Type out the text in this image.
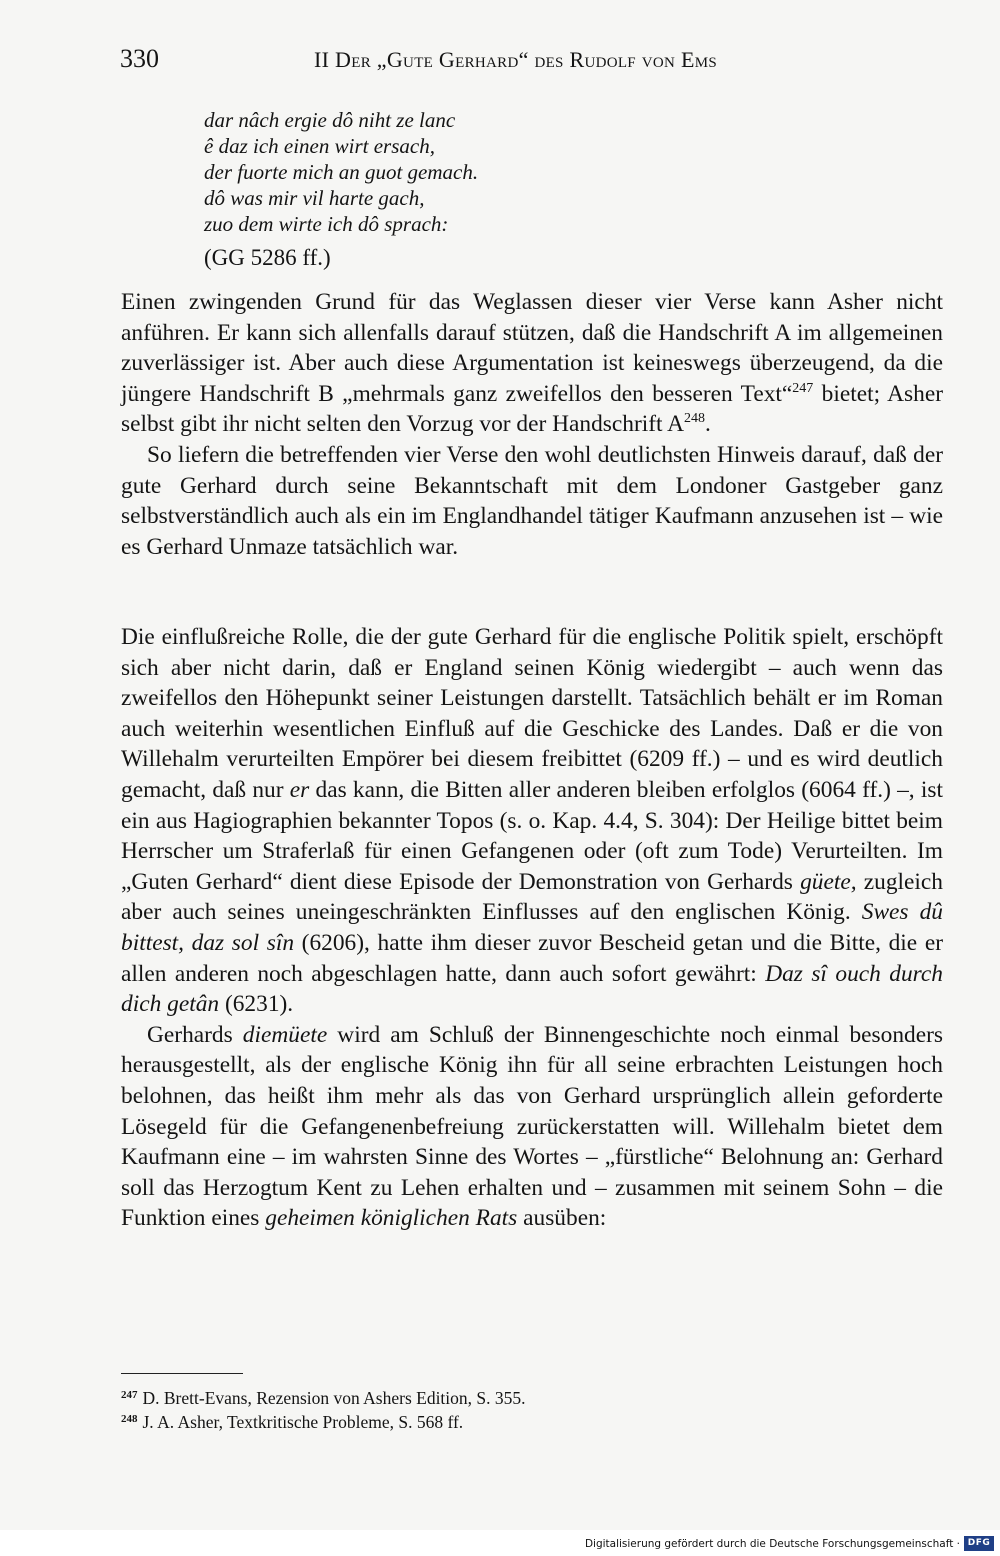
330	II Der „Gute Gerhard“ des Rudolf von Ems
dar nâch ergie dô niht ze lanc
ê daz ich einen wirt ersach,
der fuorte mich an guot gemach.
dô was mir vil harte gach,
zuo dem wirte ich dô sprach:
(GG 5286 ff.)

Einen zwingenden Grund für das Weglassen dieser vier Verse kann Asher nicht anführen. Er kann sich allenfalls darauf stützen, daß die Handschrift A im allgemeinen zuverlässiger ist. Aber auch diese Argumentation ist keineswegs überzeugend, da die jüngere Handschrift B „mehrmals ganz zweifellos den besseren Text“$^{247}$ bietet; Asher selbst gibt ihr nicht selten den Vorzug vor der Handschrift $A^{248}$.

So liefern die betreffenden vier Verse den wohl deutlichsten Hinweis darauf, daß der gute Gerhard durch seine Bekanntschaft mit dem Londoner Gastgeber ganz selbstverständlich auch als ein im Englandhandel tätiger Kaufmann anzusehen ist – wie es Gerhard Unmaze tatsächlich war.

Die einflußreiche Rolle, die der gute Gerhard für die englische Politik spielt, erschöpft sich aber nicht darin, daß er England seinen König wiedergibt – auch wenn das zweifellos den Höhepunkt seiner Leistungen darstellt. Tatsächlich behält er im Roman auch weiterhin wesentlichen Einfluß auf die Geschicke des Landes. Daß er die von Willehalm verurteilten Empörer bei diesem freibittet (6209 ff.) – und es wird deutlich gemacht, daß nur er das kann, die Bitten aller anderen bleiben erfolglos (6064 ff.) –, ist ein aus Hagiographien bekannter Topos (s. o. Kap. 4.4, S. 304): Der Heilige bittet beim Herrscher um Straferlaß für einen Gefangenen oder (oft zum Tode) Verurteilten. Im „Guten Gerhard“ dient diese Episode der Demonstration von Gerhards güete, zugleich aber auch seines uneingeschränkten Einflusses auf den englischen König. Swes dû bittest, daz sol sîn (6206), hatte ihm dieser zuvor Bescheid getan und die Bitte, die er allen anderen noch abgeschlagen hatte, dann auch sofort gewährt: Daz sî ouch durch dich getân (6231).

Gerhards diemüete wird am Schluß der Binnengeschichte noch einmal besonders herausgestellt, als der englische König ihn für all seine erbrachten Leistungen hoch belohnen, das heißt ihm mehr als das von Gerhard ursprünglich allein geforderte Lösegeld für die Gefangenenbefreiung zurückerstatten will. Willehalm bietet dem Kaufmann eine – im wahrsten Sinne des Wortes – „fürstliche“ Belohnung an: Gerhard soll das Herzogtum Kent zu Lehen erhalten und – zusammen mit seinem Sohn – die Funktion eines geheimen königlichen Rats ausüben:

$^{247}$ D. Brett-Evans, Rezension von Ashers Edition, S. 355.
$^{248}$ J. A. Asher, Textkritische Probleme, S. 568 ff.
Digitalisierung gefördert durch die Deutsche Forschungsgemeinschaft · DFG
